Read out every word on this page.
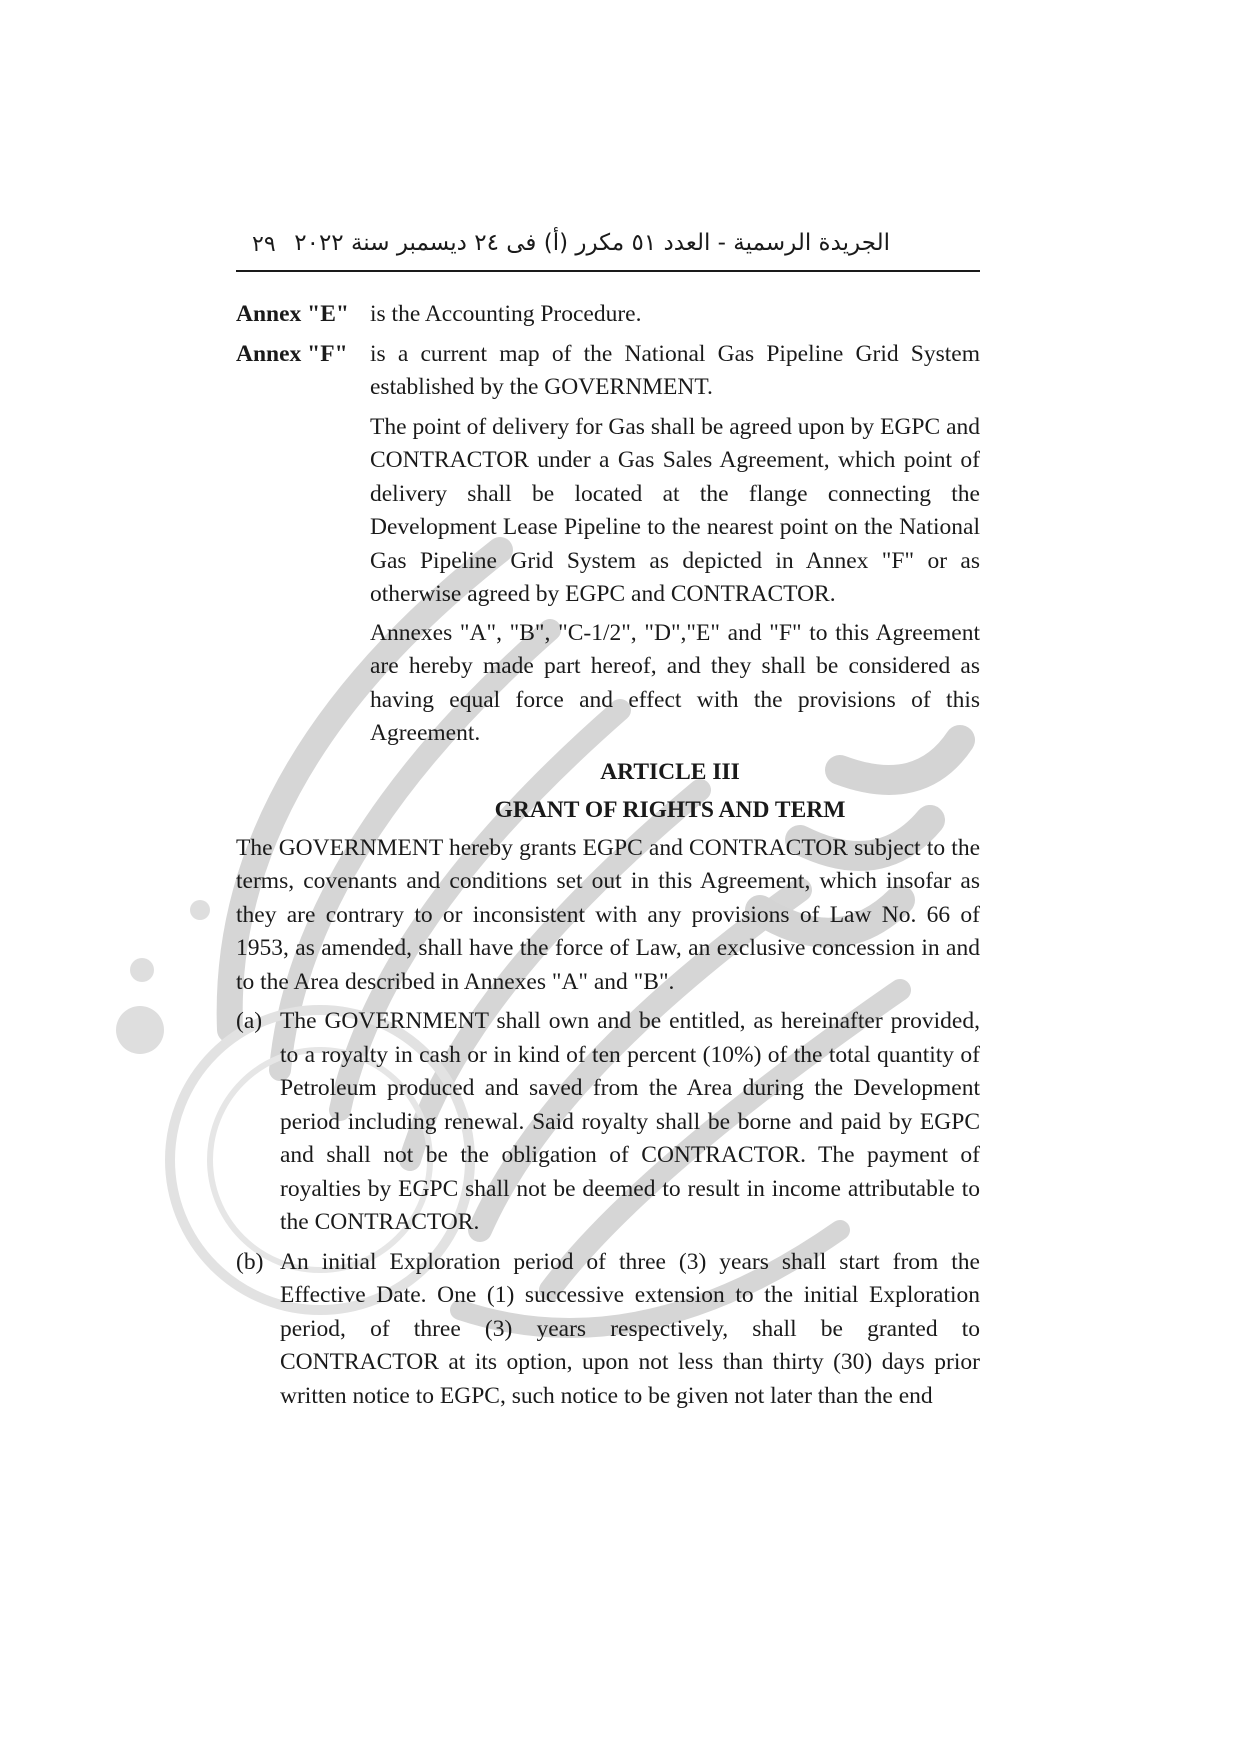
٢٩ الجريدة الرسمية - العدد ٥١ مكرر (أ) فى ٢٤ ديسمبر سنة ٢٠٢٢
Annex "E" is the Accounting Procedure.
Annex "F" is a current map of the National Gas Pipeline Grid System established by the GOVERNMENT.
The point of delivery for Gas shall be agreed upon by EGPC and CONTRACTOR under a Gas Sales Agreement, which point of delivery shall be located at the flange connecting the Development Lease Pipeline to the nearest point on the National Gas Pipeline Grid System as depicted in Annex "F" or as otherwise agreed by EGPC and CONTRACTOR.
Annexes "A", "B", "C-1/2", "D","E" and "F" to this Agreement are hereby made part hereof, and they shall be considered as having equal force and effect with the provisions of this Agreement.
ARTICLE III
GRANT OF RIGHTS AND TERM
The GOVERNMENT hereby grants EGPC and CONTRACTOR subject to the terms, covenants and conditions set out in this Agreement, which insofar as they are contrary to or inconsistent with any provisions of Law No. 66 of 1953, as amended, shall have the force of Law, an exclusive concession in and to the Area described in Annexes "A" and "B".
(a) The GOVERNMENT shall own and be entitled, as hereinafter provided, to a royalty in cash or in kind of ten percent (10%) of the total quantity of Petroleum produced and saved from the Area during the Development period including renewal. Said royalty shall be borne and paid by EGPC and shall not be the obligation of CONTRACTOR. The payment of royalties by EGPC shall not be deemed to result in income attributable to the CONTRACTOR.
(b) An initial Exploration period of three (3) years shall start from the Effective Date. One (1) successive extension to the initial Exploration period, of three (3) years respectively, shall be granted to CONTRACTOR at its option, upon not less than thirty (30) days prior written notice to EGPC, such notice to be given not later than the end
